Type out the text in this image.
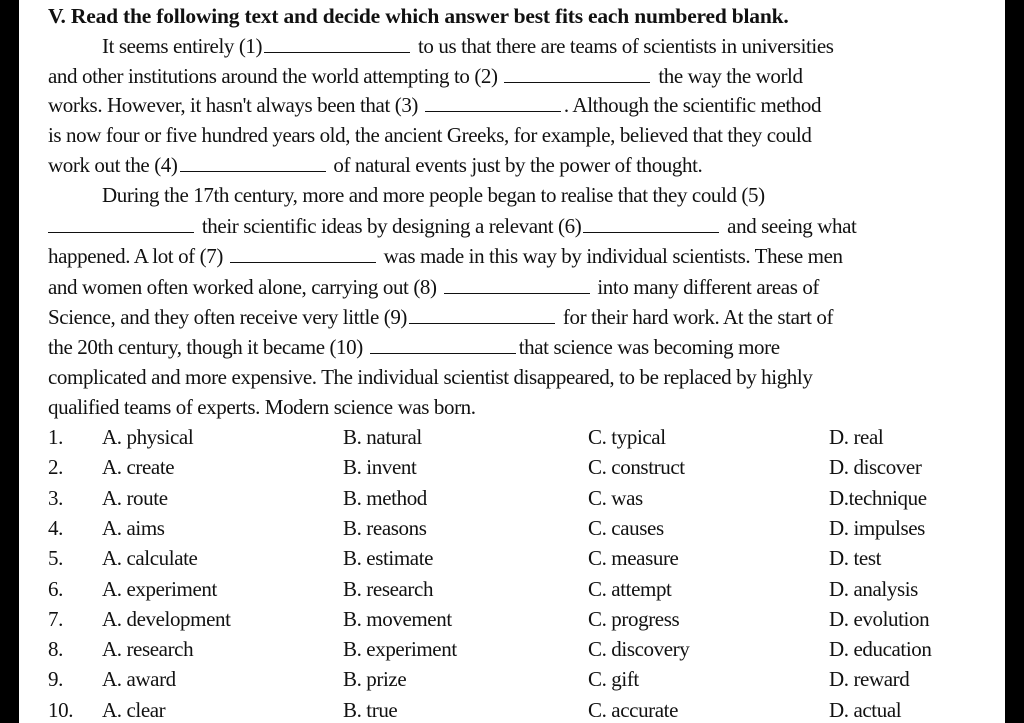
V. Read the following text and decide which answer best fits each numbered blank.
It seems entirely (1)	to us that there are teams of scientists in universities
and other institutions around the world attempting to (2)	the way the world
works. However, it hasn't always been that (3)	. Although the scientific method
is now four or five hundred years old, the ancient Greeks, for example, believed that they could
work out the (4)	of natural events just by the power of thought.
During the 17th century, more and more people began to realise that they could (5)
their scientific ideas by designing a relevant (6)	and seeing what
happened. A lot of (7)	was made in this way by individual scientists. These men
and women often worked alone, carrying out (8)	into many different areas of
Science, and they often receive very little (9)	for their hard work. At the start of
the 20th century, though it became (10)	that science was becoming more
complicated and more expensive. The individual scientist disappeared, to be replaced by highly
qualified teams of experts. Modern science was born.
1. A. physical	B. natural	C. typical	D. real
2. A. create	B. invent	C. construct	D. discover
3. A. route	B. method	C. was	D.technique
4. A. aims	B. reasons	C. causes	D. impulses
5. A. calculate	B. estimate	C. measure	D. test
6. A. experiment	B. research	C. attempt	D. analysis
7. A. development	B. movement	C. progress	D. evolution
8. A. research	B. experiment	C. discovery	D. education
9. A. award	B. prize	C. gift	D. reward
10. A. clear	B. true	C. accurate	D. actual
